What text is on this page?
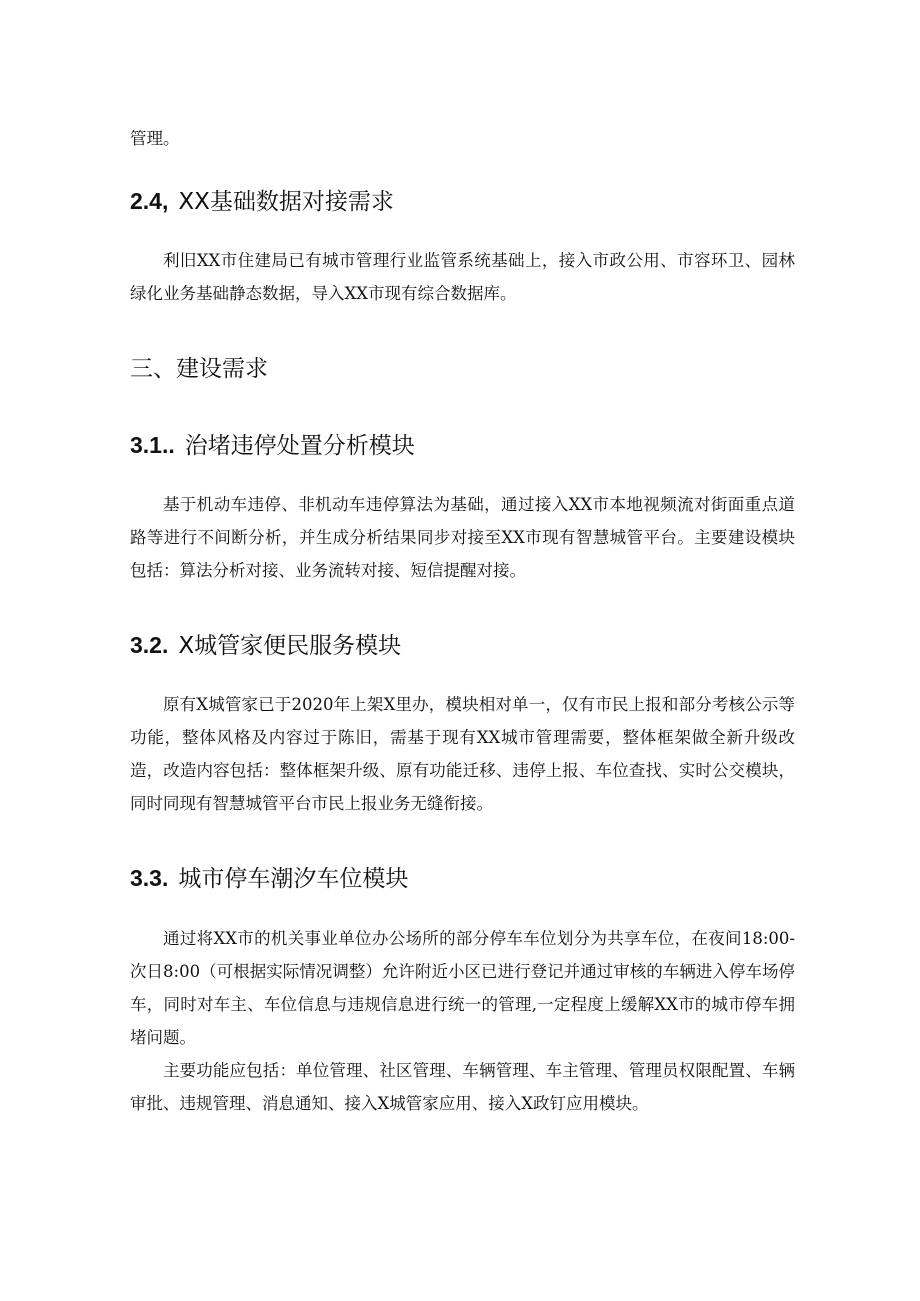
管理。

2.4, XX基础数据对接需求

利旧XX市住建局已有城市管理行业监管系统基础上，接入市政公用、市容环卫、园林绿化业务基础静态数据，导入XX市现有综合数据库。

三、建设需求
3.1.. 治堵违停处置分析模块

基于机动车违停、非机动车违停算法为基础，通过接入XX市本地视频流对街面重点道路等进行不间断分析，并生成分析结果同步对接至XX市现有智慧城管平台。主要建设模块包括：算法分析对接、业务流转对接、短信提醒对接。

3.2. X城管家便民服务模块

原有X城管家已于2020年上架X里办，模块相对单一，仅有市民上报和部分考核公示等功能，整体风格及内容过于陈旧，需基于现有XX城市管理需要，整体框架做全新升级改造，改造内容包括：整体框架升级、原有功能迁移、违停上报、车位查找、实时公交模块，同时同现有智慧城管平台市民上报业务无缝衔接。

3.3. 城市停车潮汐车位模块

通过将XX市的机关事业单位办公场所的部分停车车位划分为共享车位，在夜间18:00-次日8:00（可根据实际情况调整）允许附近小区已进行登记并通过审核的车辆进入停车场停车，同时对车主、车位信息与违规信息进行统一的管理,一定程度上缓解XX市的城市停车拥堵问题。

主要功能应包括：单位管理、社区管理、车辆管理、车主管理、管理员权限配置、车辆审批、违规管理、消息通知、接入X城管家应用、接入X政钉应用模块。
